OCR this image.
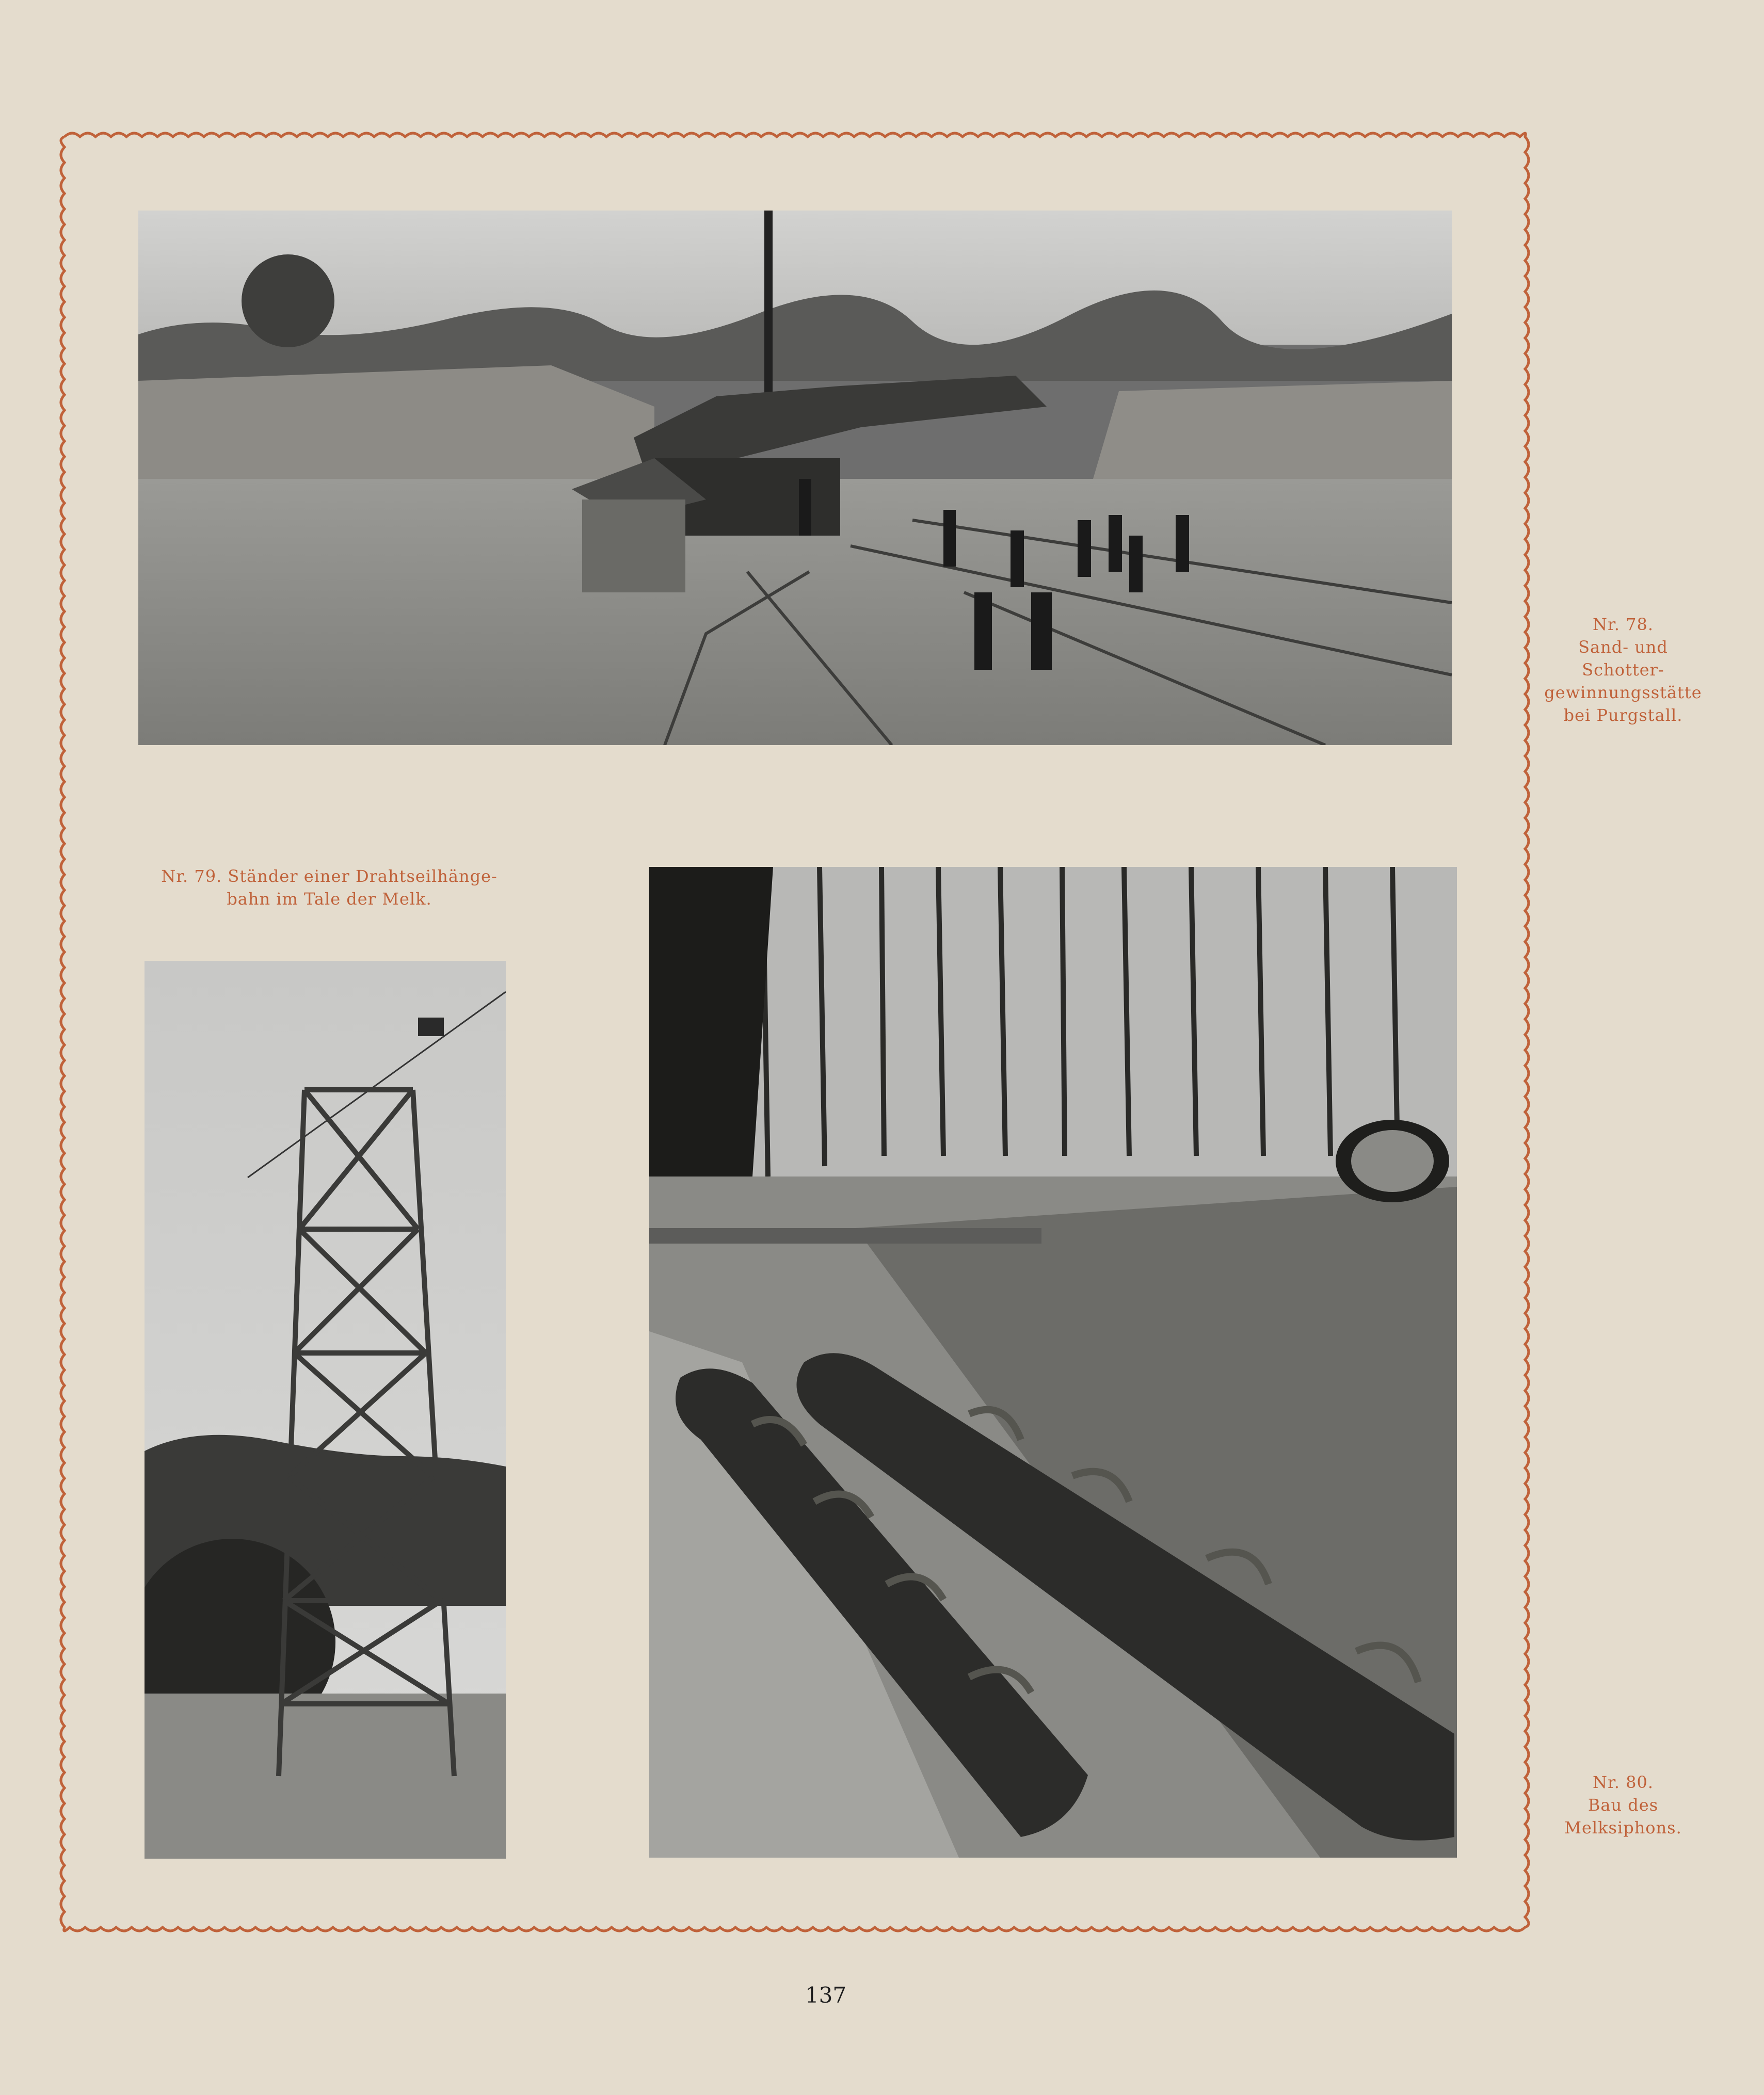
Nr. 78.
Sand- und
Schotter-
gewinnungsstätte
bei Purgstall.
Nr. 79. Ständer einer Drahtseilhänge-
bahn im Tale der Melk.
Nr. 80.
Bau des
Melksiphons.
137
